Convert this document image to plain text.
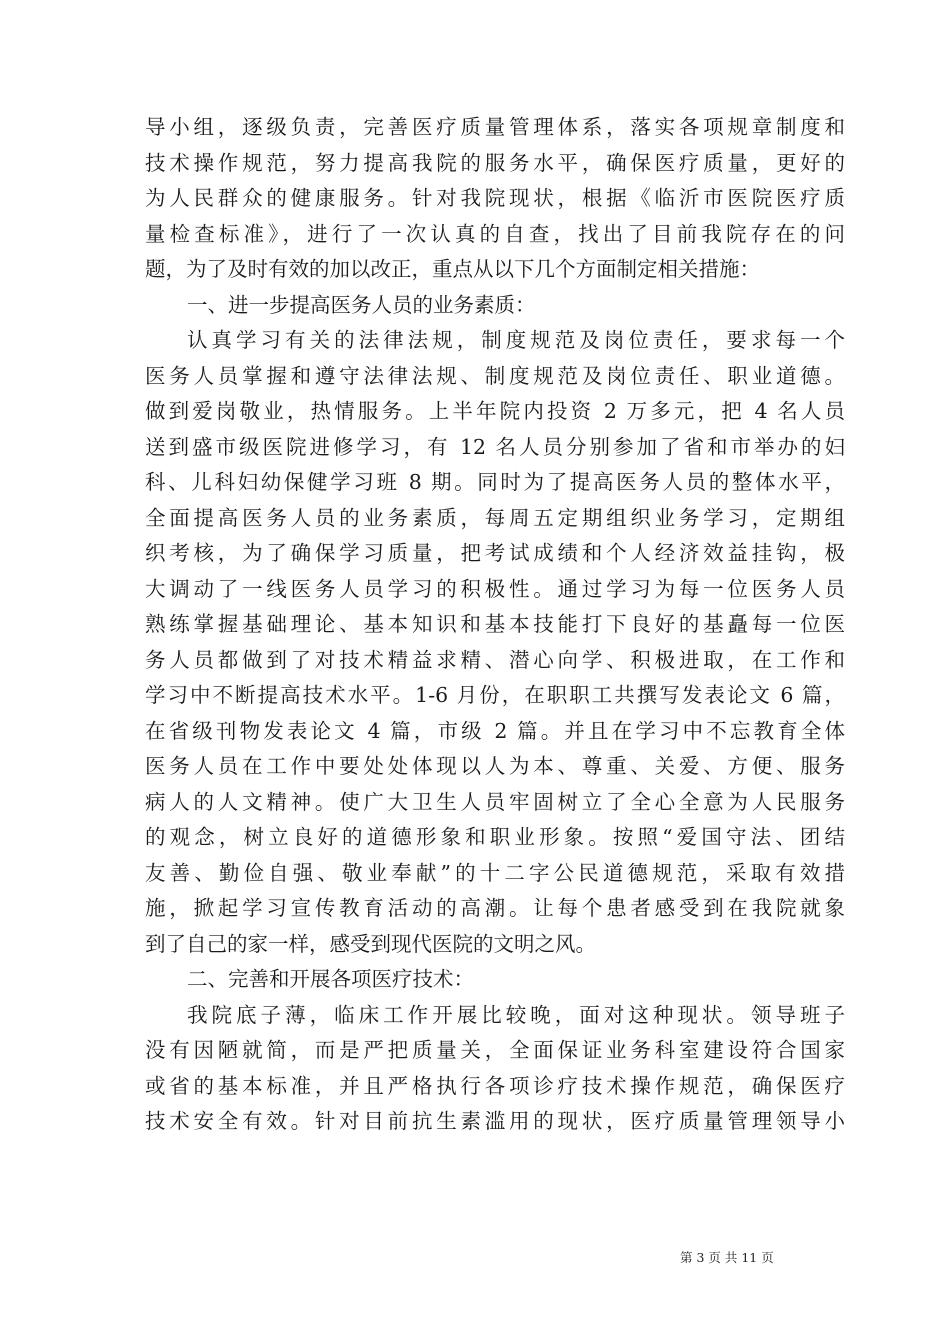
导小组，逐级负责，完善医疗质量管理体系，落实各项规章制度和
技术操作规范，努力提高我院的服务水平，确保医疗质量，更好的
为人民群众的健康服务。针对我院现状，根据《临沂市医院医疗质
量检查标准》，进行了一次认真的自查，找出了目前我院存在的问
题，为了及时有效的加以改正，重点从以下几个方面制定相关措施：
一、进一步提高医务人员的业务素质：
认真学习有关的法律法规，制度规范及岗位责任，要求每一个
医务人员掌握和遵守法律法规、制度规范及岗位责任、职业道德。
做到爱岗敬业，热情服务。上半年院内投资 2 万多元，把 4 名人员
送到盛市级医院进修学习，有 12 名人员分别参加了省和市举办的妇
科、儿科妇幼保健学习班 8 期。同时为了提高医务人员的整体水平，
全面提高医务人员的业务素质，每周五定期组织业务学习，定期组
织考核，为了确保学习质量，把考试成绩和个人经济效益挂钩，极
大调动了一线医务人员学习的积极性。通过学习为每一位医务人员
熟练掌握基础理论、基本知识和基本技能打下良好的基矗每一位医
务人员都做到了对技术精益求精、潜心向学、积极进取，在工作和
学习中不断提高技术水平。1-6 月份，在职职工共撰写发表论文 6 篇，
在省级刊物发表论文 4 篇，市级 2 篇。并且在学习中不忘教育全体
医务人员在工作中要处处体现以人为本、尊重、关爱、方便、服务
病人的人文精神。使广大卫生人员牢固树立了全心全意为人民服务
的观念，树立良好的道德形象和职业形象。按照“爱国守法、团结
友善、勤俭自强、敬业奉献”的十二字公民道德规范，采取有效措
施，掀起学习宣传教育活动的高潮。让每个患者感受到在我院就象
到了自己的家一样，感受到现代医院的文明之风。
二、完善和开展各项医疗技术：
我院底子薄，临床工作开展比较晚，面对这种现状。领导班子
没有因陋就简，而是严把质量关，全面保证业务科室建设符合国家
或省的基本标准，并且严格执行各项诊疗技术操作规范，确保医疗
技术安全有效。针对目前抗生素滥用的现状，医疗质量管理领导小
第 3 页 共 11 页
